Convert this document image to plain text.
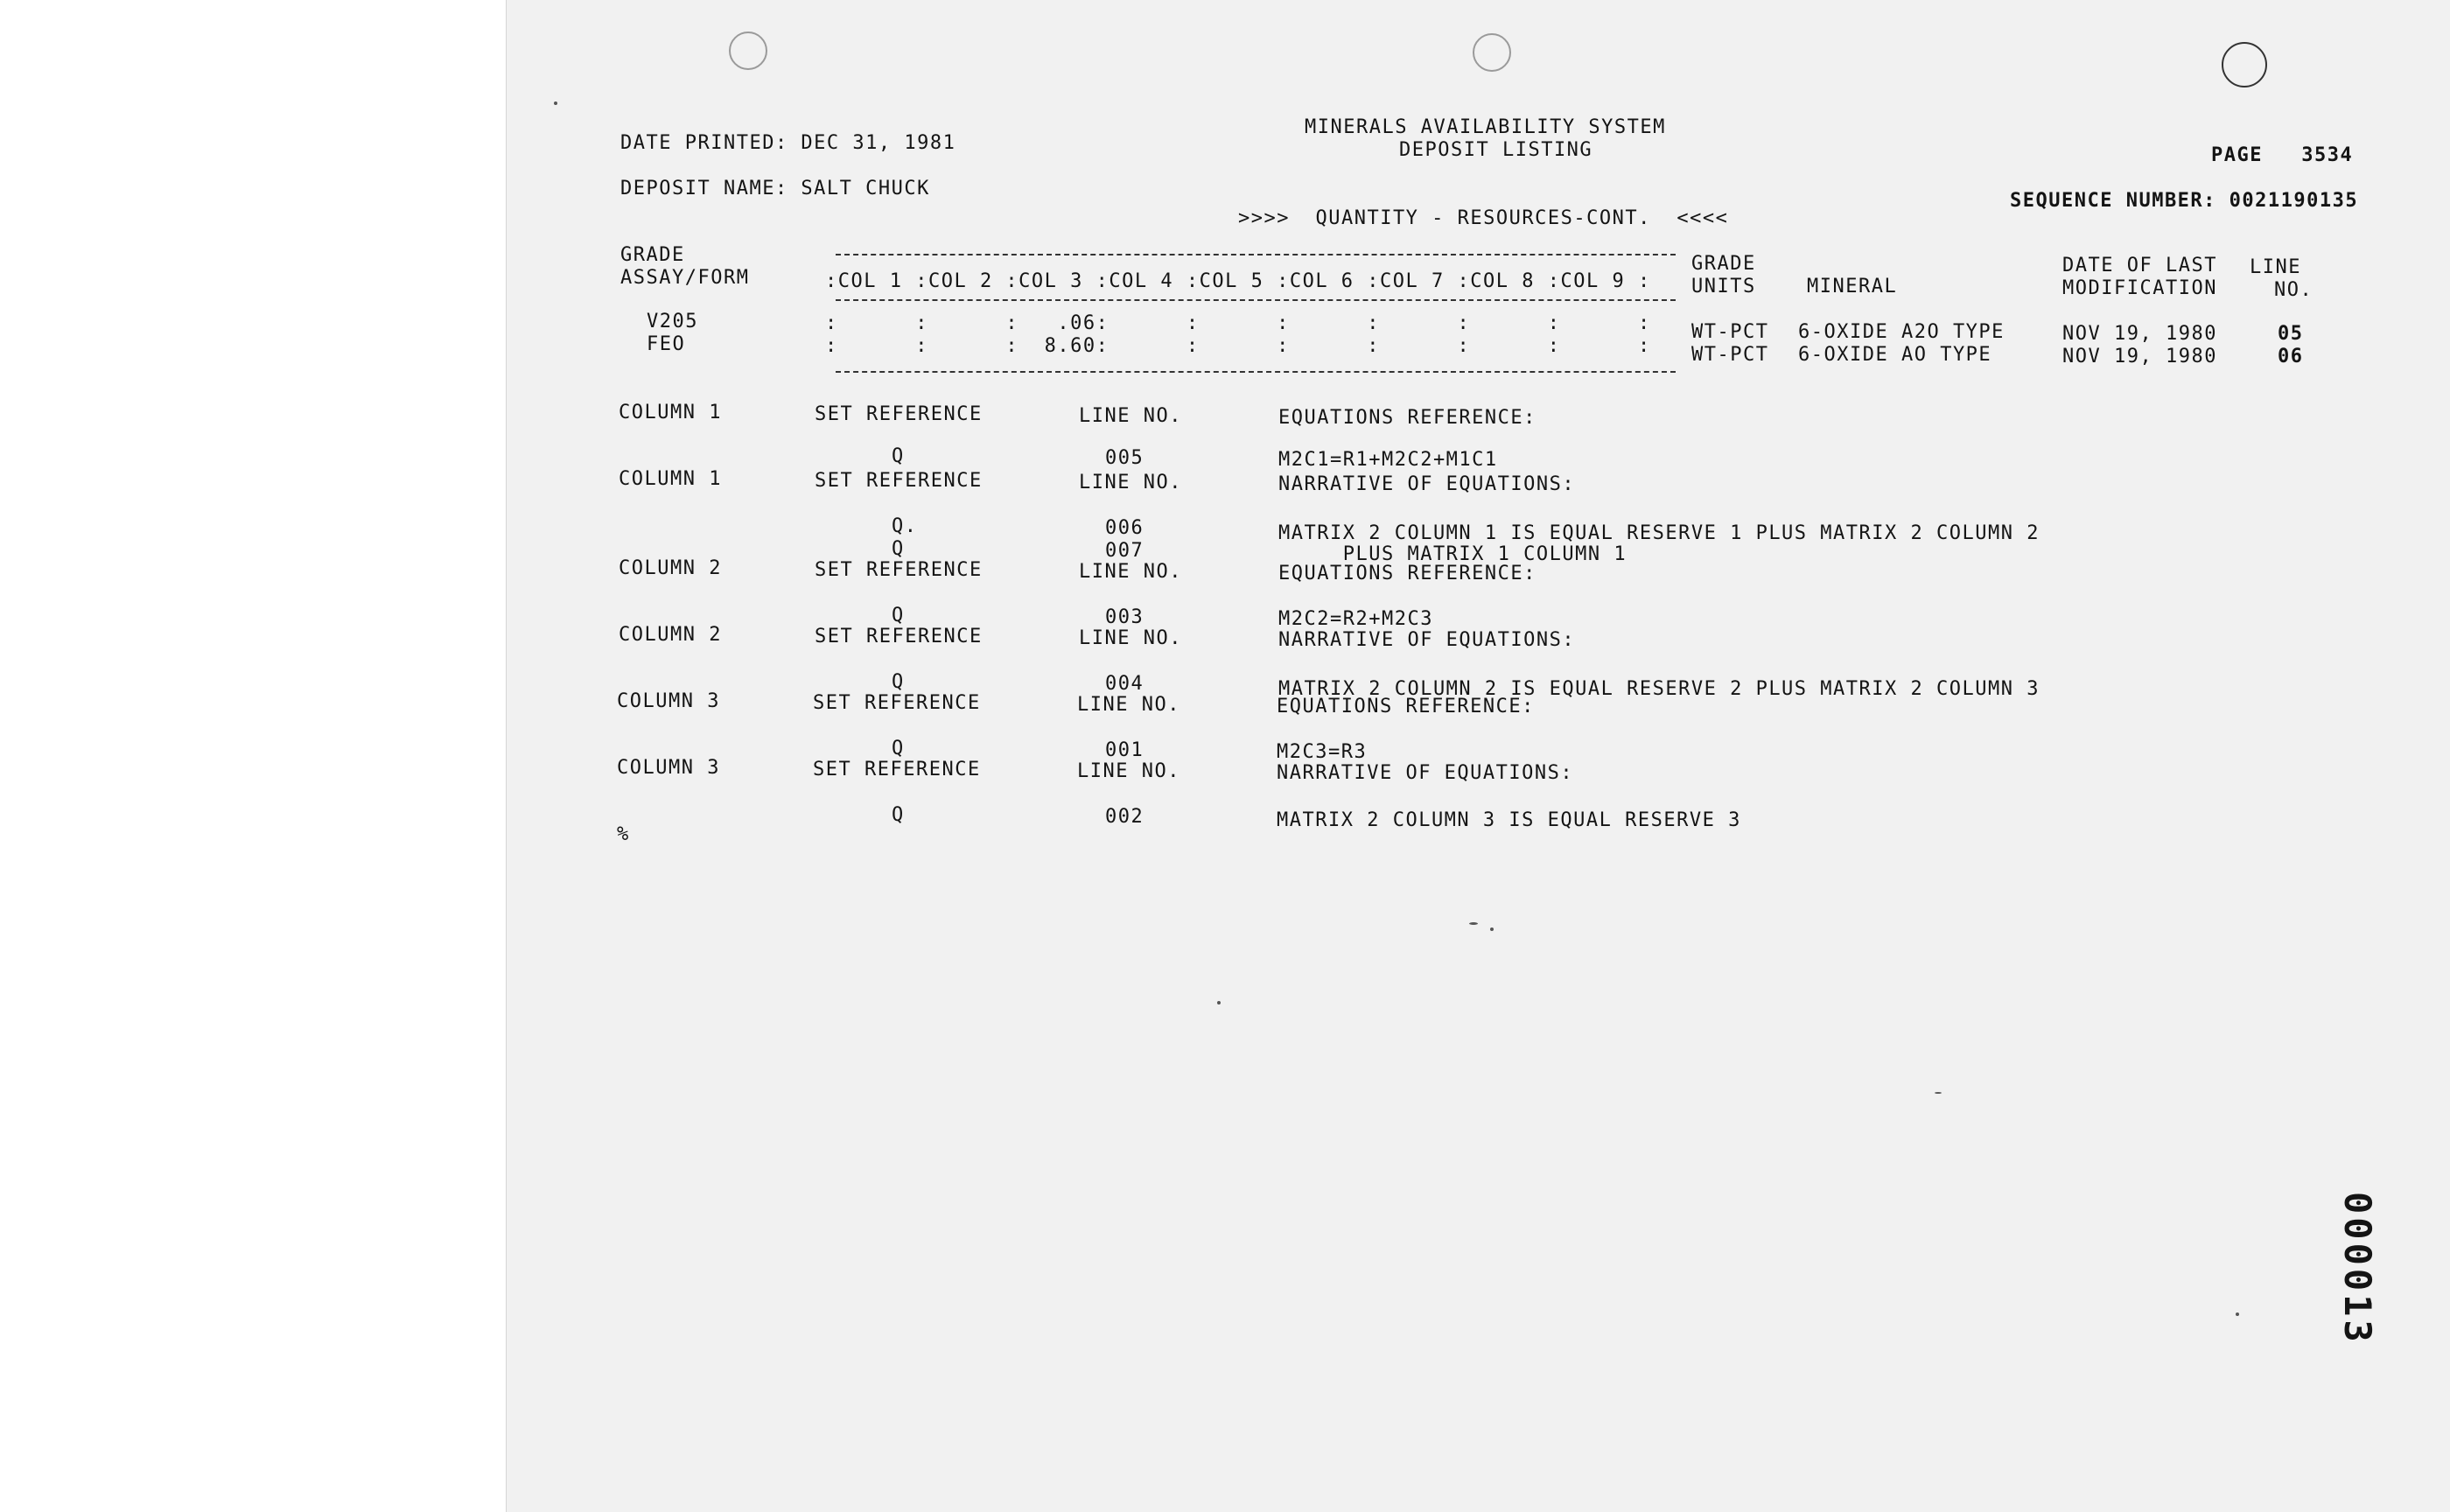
MINERALS AVAILABILITY SYSTEM
DEPOSIT LISTING
DATE PRINTED: DEC 31, 1981
PAGE   3534
DEPOSIT NAME: SALT CHUCK
SEQUENCE NUMBER: 0021190135
>>>>  QUANTITY - RESOURCES-CONT.  <<<<
GRADE
ASSAY/FORM	:COL 1 :COL 2 :COL 3 :COL 4 :COL 5 :COL 6 :COL 7 :COL 8 :COL 9 :
GRADE
UNITS	MINERAL
DATE OF LAST
MODIFICATION
LINE
NO.
V205	:      :      :   .06:      :      :      :      :      :      : WT-PCT 6-OXIDE A2O TYPE	NOV 19, 1980	05
FEO	:      :      :  8.60:      :      :      :      :      :      : WT-PCT 6-OXIDE AO TYPE	NOV 19, 1980	06
COLUMN 1	SET REFERENCE	LINE NO.	EQUATIONS REFERENCE:
Q	005	M2C1=R1+M2C2+M1C1
COLUMN 1	SET REFERENCE	LINE NO.	NARRATIVE OF EQUATIONS:
Q.	006	MATRIX 2 COLUMN 1 IS EQUAL RESERVE 1 PLUS MATRIX 2 COLUMN 2
Q	007	PLUS MATRIX 1 COLUMN 1
COLUMN 2	SET REFERENCE	LINE NO.	EQUATIONS REFERENCE:
Q	003	M2C2=R2+M2C3
COLUMN 2	SET REFERENCE	LINE NO.	NARRATIVE OF EQUATIONS:
Q	004	MATRIX 2 COLUMN 2 IS EQUAL RESERVE 2 PLUS MATRIX 2 COLUMN 3
COLUMN 3	SET REFERENCE	LINE NO.	EQUATIONS REFERENCE:
Q	001	M2C3=R3
COLUMN 3	SET REFERENCE	LINE NO.	NARRATIVE OF EQUATIONS:
Q	002	MATRIX 2 COLUMN 3 IS EQUAL RESERVE 3
%
000013
